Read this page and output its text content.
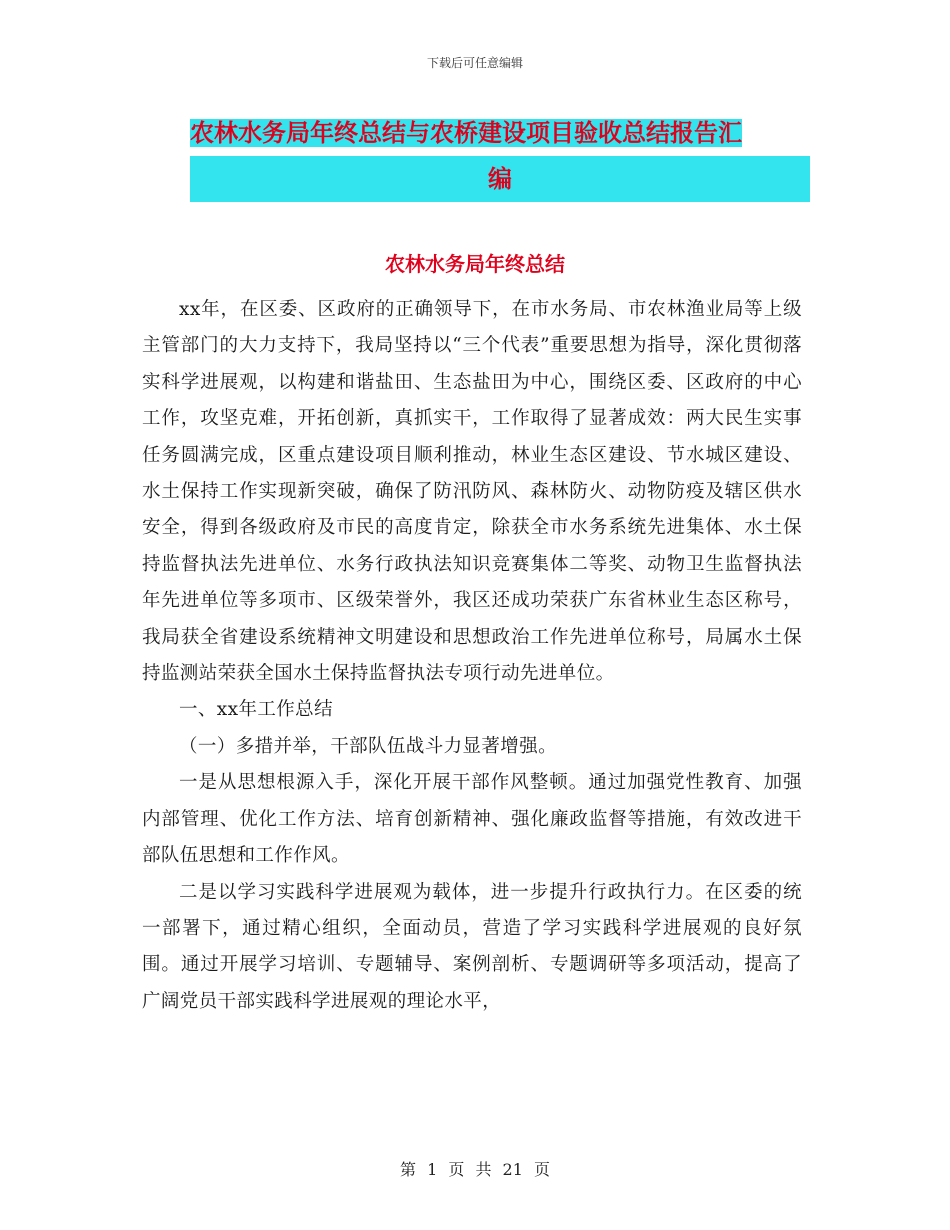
下载后可任意编辑
农林水务局年终总结与农桥建设项目验收总结报告汇
编
农林水务局年终总结

xx年，在区委、区政府的正确领导下，在市水务局、市农林渔业局等上级主管部门的大力支持下，我局坚持以“三个代表”重要思想为指导，深化贯彻落实科学进展观，以构建和谐盐田、生态盐田为中心，围绕区委、区政府的中心工作，攻坚克难，开拓创新，真抓实干，工作取得了显著成效：两大民生实事任务圆满完成，区重点建设项目顺利推动，林业生态区建设、节水城区建设、水土保持工作实现新突破，确保了防汛防风、森林防火、动物防疫及辖区供水安全，得到各级政府及市民的高度肯定，除获全市水务系统先进集体、水土保持监督执法先进单位、水务行政执法知识竞赛集体二等奖、动物卫生监督执法年先进单位等多项市、区级荣誉外，我区还成功荣获广东省林业生态区称号，我局获全省建设系统精神文明建设和思想政治工作先进单位称号，局属水土保持监测站荣获全国水土保持监督执法专项行动先进单位。

一、xx年工作总结

（一）多措并举，干部队伍战斗力显著增强。

一是从思想根源入手，深化开展干部作风整顿。通过加强党性教育、加强内部管理、优化工作方法、培育创新精神、强化廉政监督等措施，有效改进干部队伍思想和工作作风。

二是以学习实践科学进展观为载体，进一步提升行政执行力。在区委的统一部署下，通过精心组织，全面动员，营造了学习实践科学进展观的良好氛围。通过开展学习培训、专题辅导、案例剖析、专题调研等多项活动，提高了广阔党员干部实践科学进展观的理论水平，

第 1 页 共 21 页
